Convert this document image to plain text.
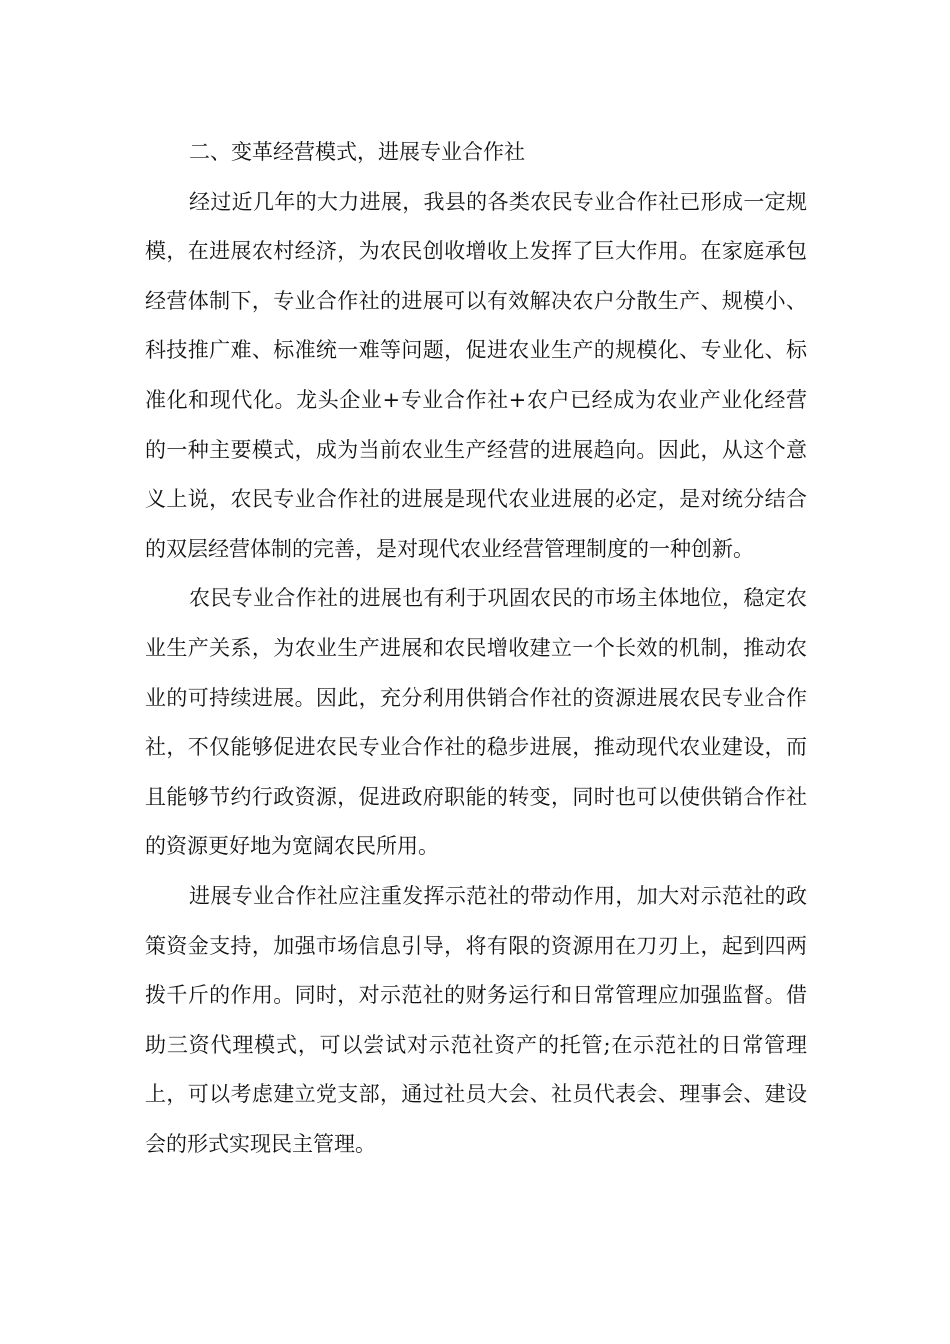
二、变革经营模式，进展专业合作社

经过近几年的大力进展，我县的各类农民专业合作社已形成一定规模，在进展农村经济，为农民创收增收上发挥了巨大作用。在家庭承包经营体制下，专业合作社的进展可以有效解决农户分散生产、规模小、科技推广难、标准统一难等问题，促进农业生产的规模化、专业化、标准化和现代化。龙头企业+专业合作社+农户已经成为农业产业化经营的一种主要模式，成为当前农业生产经营的进展趋向。因此，从这个意义上说，农民专业合作社的进展是现代农业进展的必定，是对统分结合的双层经营体制的完善，是对现代农业经营管理制度的一种创新。

农民专业合作社的进展也有利于巩固农民的市场主体地位，稳定农业生产关系，为农业生产进展和农民增收建立一个长效的机制，推动农业的可持续进展。因此，充分利用供销合作社的资源进展农民专业合作社，不仅能够促进农民专业合作社的稳步进展，推动现代农业建设，而且能够节约行政资源，促进政府职能的转变，同时也可以使供销合作社的资源更好地为宽阔农民所用。

进展专业合作社应注重发挥示范社的带动作用，加大对示范社的政策资金支持，加强市场信息引导，将有限的资源用在刀刃上，起到四两拨千斤的作用。同时，对示范社的财务运行和日常管理应加强监督。借助三资代理模式，可以尝试对示范社资产的托管;在示范社的日常管理上，可以考虑建立党支部，通过社员大会、社员代表会、理事会、建设会的形式实现民主管理。
